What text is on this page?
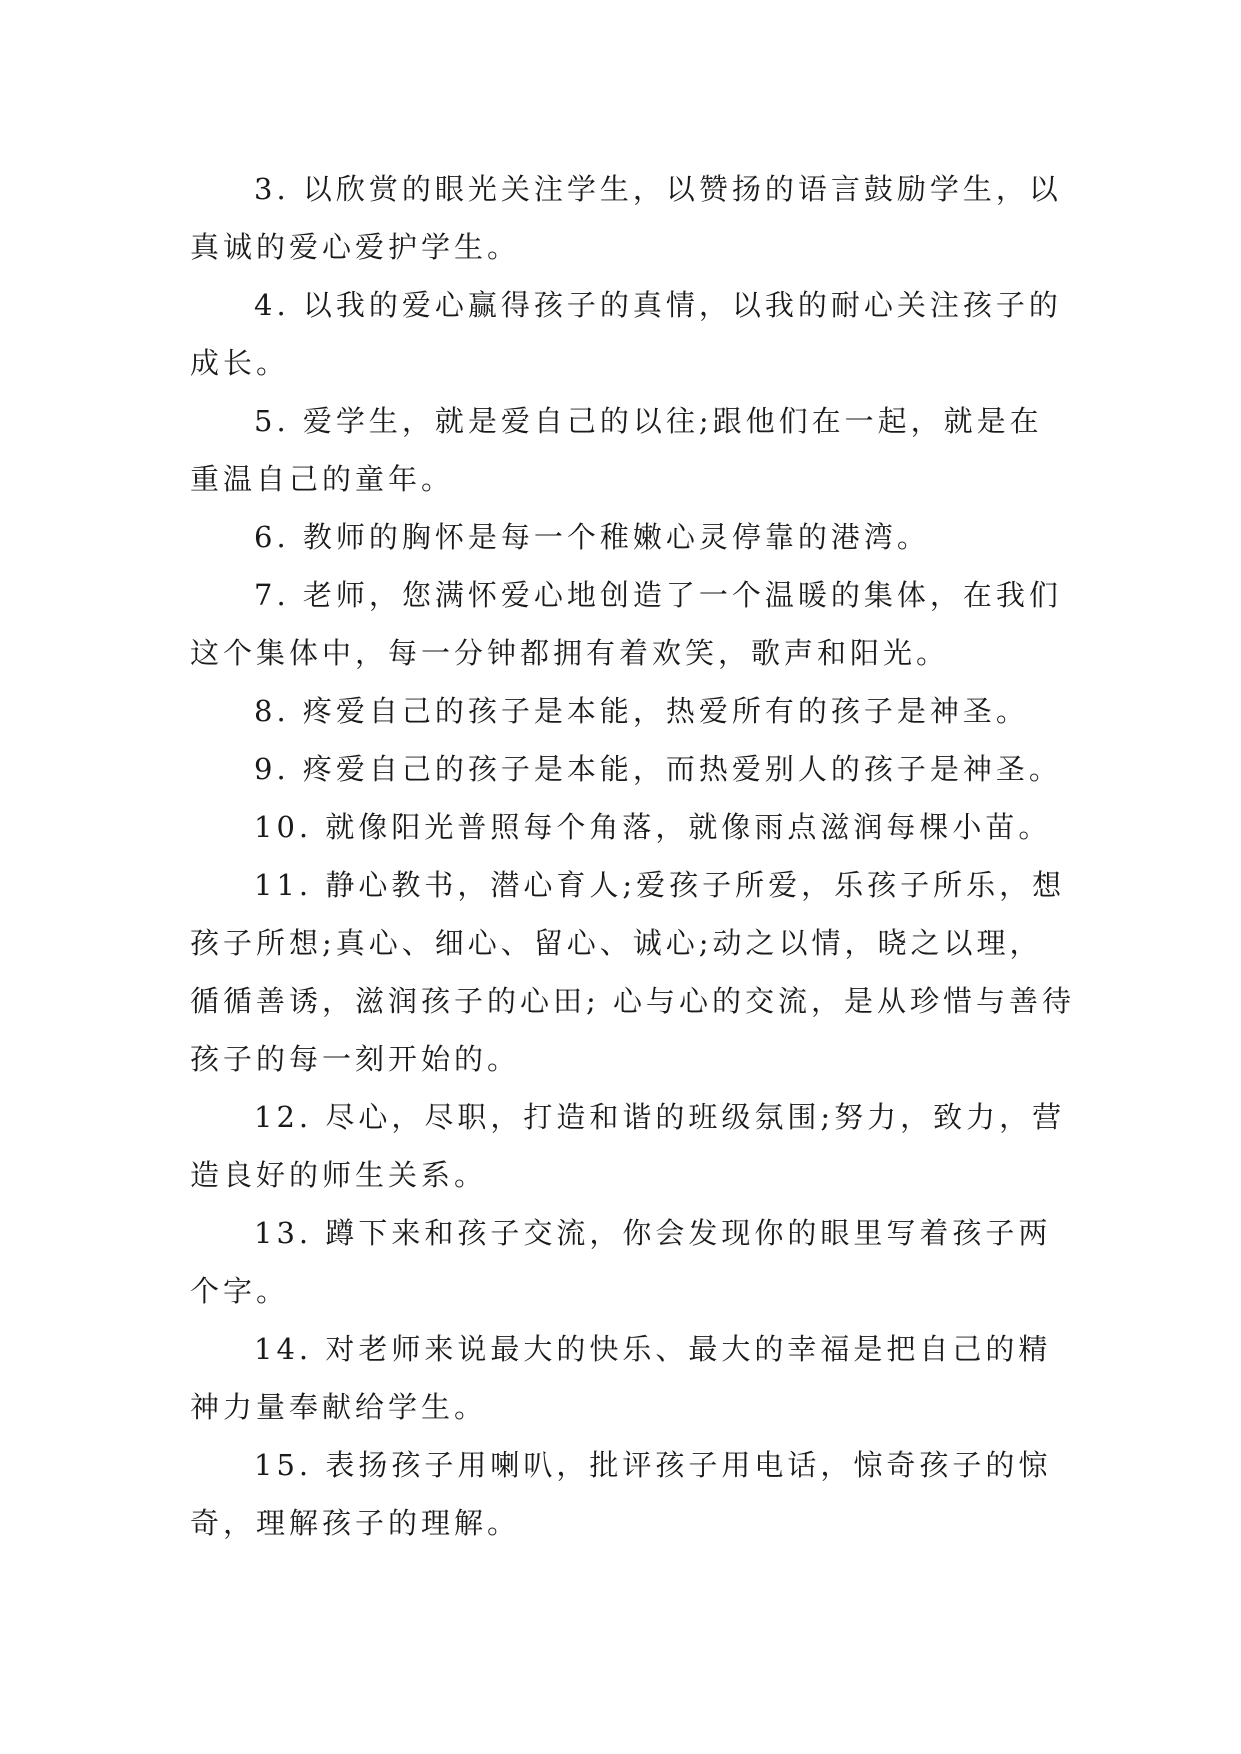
3. 以欣赏的眼光关注学生，以赞扬的语言鼓励学生，以真诚的爱心爱护学生。

4. 以我的爱心赢得孩子的真情，以我的耐心关注孩子的成长。

5. 爱学生，就是爱自己的以往;跟他们在一起，就是在重温自己的童年。

6. 教师的胸怀是每一个稚嫩心灵停靠的港湾。

7. 老师，您满怀爱心地创造了一个温暖的集体，在我们这个集体中，每一分钟都拥有着欢笑，歌声和阳光。

8. 疼爱自己的孩子是本能，热爱所有的孩子是神圣。

9. 疼爱自己的孩子是本能，而热爱别人的孩子是神圣。

10. 就像阳光普照每个角落，就像雨点滋润每棵小苗。

11. 静心教书，潜心育人;爱孩子所爱，乐孩子所乐，想孩子所想;真心、细心、留心、诚心;动之以情，晓之以理，循循善诱，滋润孩子的心田; 心与心的交流，是从珍惜与善待孩子的每一刻开始的。

12. 尽心，尽职，打造和谐的班级氛围;努力，致力，营造良好的师生关系。

13. 蹲下来和孩子交流，你会发现你的眼里写着孩子两个字。

14. 对老师来说最大的快乐、最大的幸福是把自己的精神力量奉献给学生。

15. 表扬孩子用喇叭，批评孩子用电话，惊奇孩子的惊奇，理解孩子的理解。
